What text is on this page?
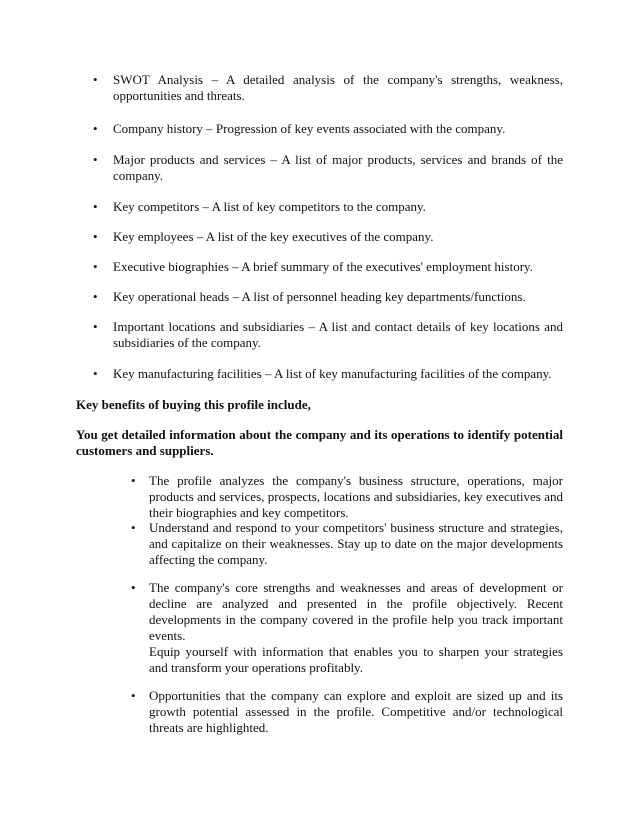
• SWOT Analysis – A detailed analysis of the company's strengths, weakness, opportunities and threats.
• Company history – Progression of key events associated with the company.
• Major products and services – A list of major products, services and brands of the company.
• Key competitors – A list of key competitors to the company.
• Key employees – A list of the key executives of the company.
• Executive biographies – A brief summary of the executives' employment history.
• Key operational heads – A list of personnel heading key departments/functions.
• Important locations and subsidiaries – A list and contact details of key locations and subsidiaries of the company.
• Key manufacturing facilities – A list of key manufacturing facilities of the company.
Key benefits of buying this profile include,
You get detailed information about the company and its operations to identify potential customers and suppliers.
• The profile analyzes the company's business structure, operations, major products and services, prospects, locations and subsidiaries, key executives and their biographies and key competitors.

• Understand and respond to your competitors' business structure and strategies, and capitalize on their weaknesses. Stay up to date on the major developments affecting the company.

• The company's core strengths and weaknesses and areas of development or decline are analyzed and presented in the profile objectively. Recent developments in the company covered in the profile help you track important events.

Equip yourself with information that enables you to sharpen your strategies and transform your operations profitably.

• Opportunities that the company can explore and exploit are sized up and its growth potential assessed in the profile. Competitive and/or technological threats are highlighted.
